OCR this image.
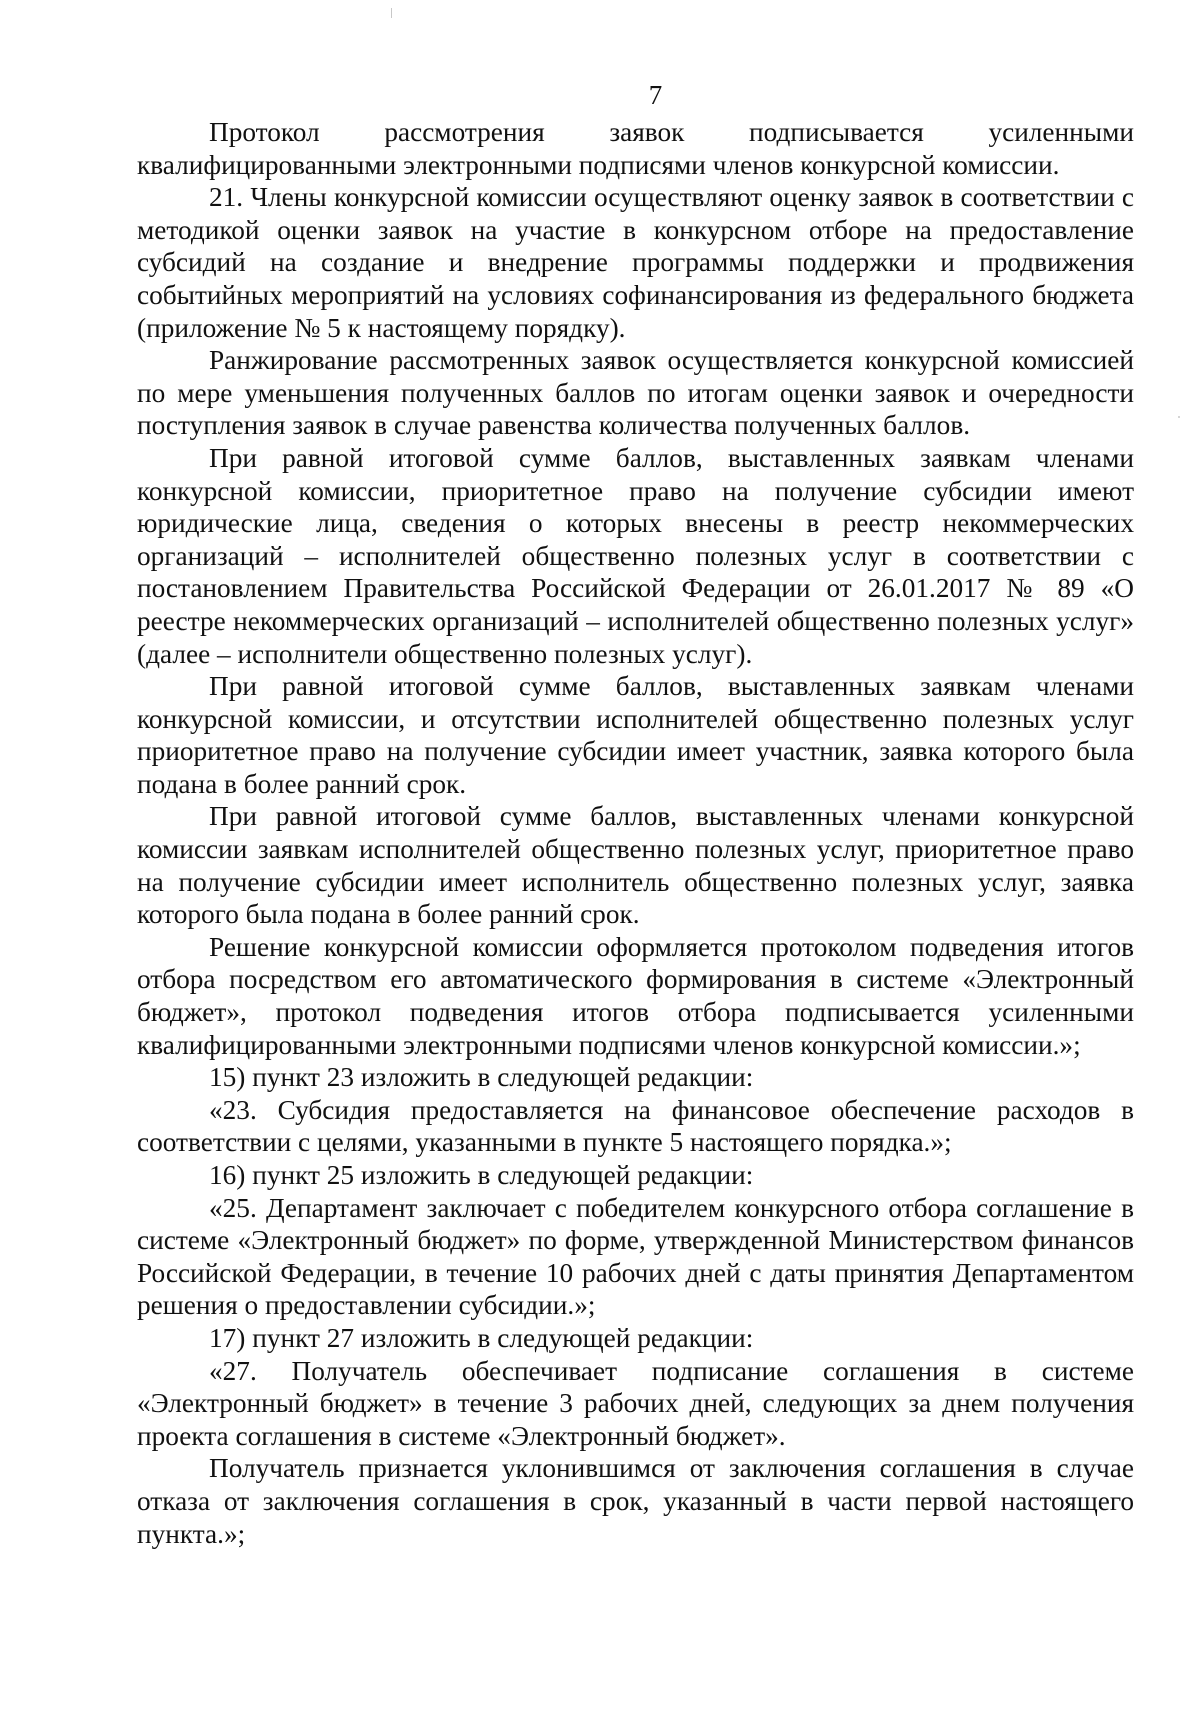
7

Протокол рассмотрения заявок подписывается усиленными квалифицированными электронными подписями членов конкурсной комиссии.

21. Члены конкурсной комиссии осуществляют оценку заявок в соответствии с методикой оценки заявок на участие в конкурсном отборе на предоставление субсидий на создание и внедрение программы поддержки и продвижения событийных мероприятий на условиях софинансирования из федерального бюджета (приложение № 5 к настоящему порядку).

Ранжирование рассмотренных заявок осуществляется конкурсной комиссией по мере уменьшения полученных баллов по итогам оценки заявок и очередности поступления заявок в случае равенства количества полученных баллов.

При равной итоговой сумме баллов, выставленных заявкам членами конкурсной комиссии, приоритетное право на получение субсидии имеют юридические лица, сведения о которых внесены в реестр некоммерческих организаций – исполнителей общественно полезных услуг в соответствии с постановлением Правительства Российской Федерации от 26.01.2017 № 89 «О реестре некоммерческих организаций – исполнителей общественно полезных услуг» (далее – исполнители общественно полезных услуг).

При равной итоговой сумме баллов, выставленных заявкам членами конкурсной комиссии, и отсутствии исполнителей общественно полезных услуг приоритетное право на получение субсидии имеет участник, заявка которого была подана в более ранний срок.

При равной итоговой сумме баллов, выставленных членами конкурсной комиссии заявкам исполнителей общественно полезных услуг, приоритетное право на получение субсидии имеет исполнитель общественно полезных услуг, заявка которого была подана в более ранний срок.

Решение конкурсной комиссии оформляется протоколом подведения итогов отбора посредством его автоматического формирования в системе «Электронный бюджет», протокол подведения итогов отбора подписывается усиленными квалифицированными электронными подписями членов конкурсной комиссии.»;

15) пункт 23 изложить в следующей редакции:

«23. Субсидия предоставляется на финансовое обеспечение расходов в соответствии с целями, указанными в пункте 5 настоящего порядка.»;

16) пункт 25 изложить в следующей редакции:

«25. Департамент заключает с победителем конкурсного отбора соглашение в системе «Электронный бюджет» по форме, утвержденной Министерством финансов Российской Федерации, в течение 10 рабочих дней с даты принятия Департаментом решения о предоставлении субсидии.»;

17) пункт 27 изложить в следующей редакции:

«27. Получатель обеспечивает подписание соглашения в системе «Электронный бюджет» в течение 3 рабочих дней, следующих за днем получения проекта соглашения в системе «Электронный бюджет».

Получатель признается уклонившимся от заключения соглашения в случае отказа от заключения соглашения в срок, указанный в части первой настоящего пункта.»;
